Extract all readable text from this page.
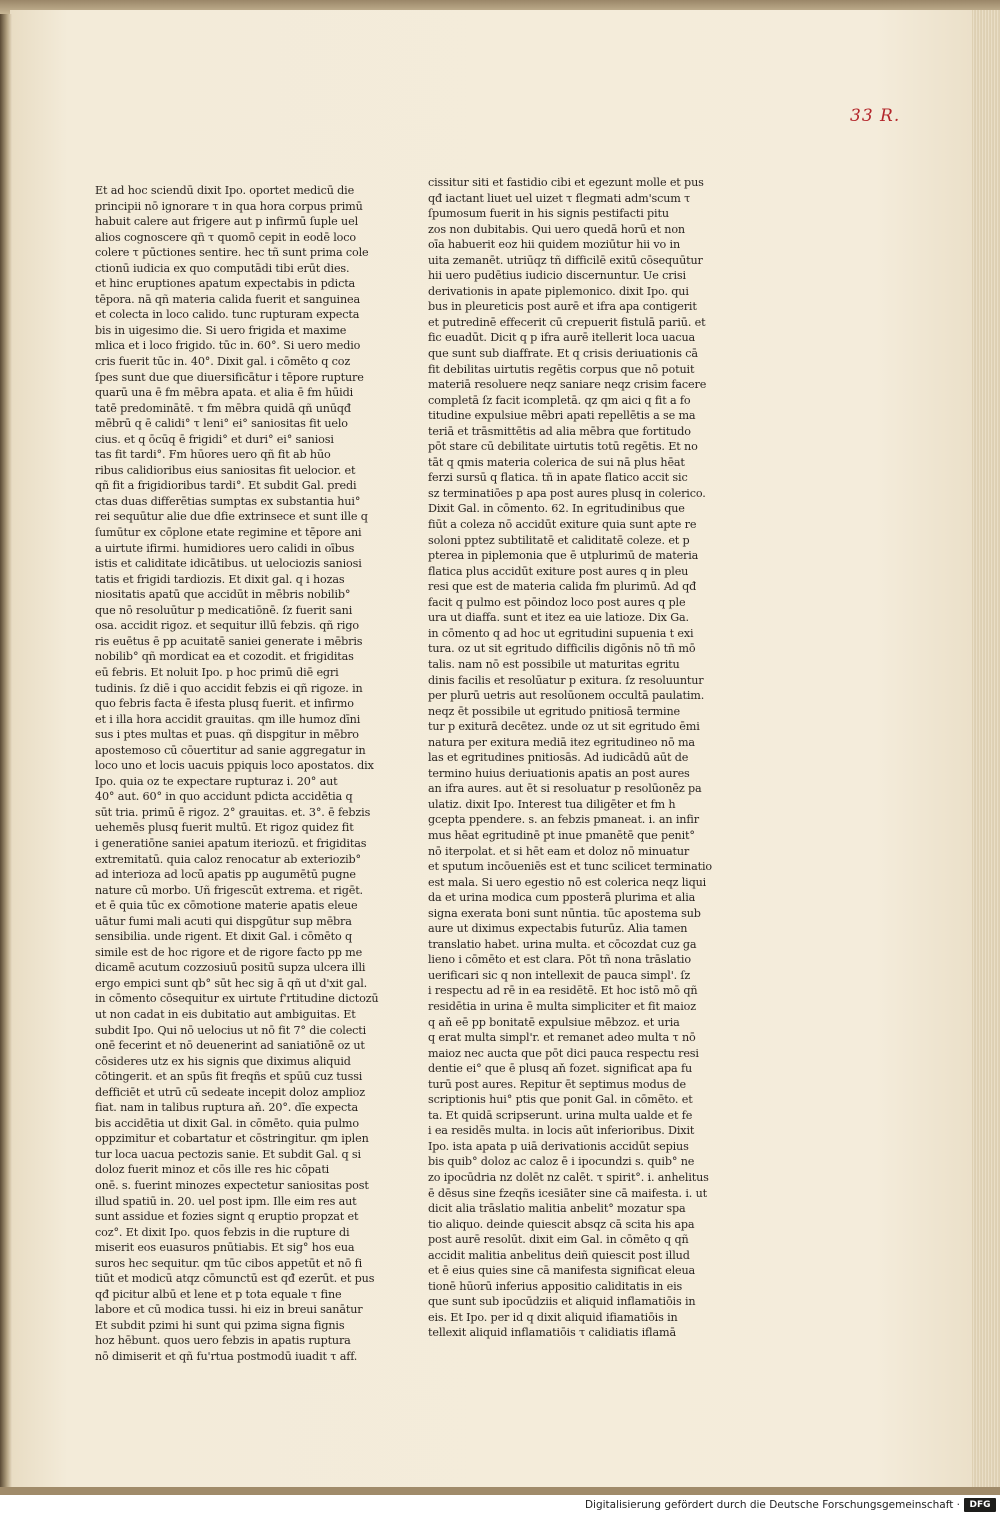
33 R.
Et ad hoc sciendū dixit Ipo. oportet medicū die
principii nō ignorare τ in qua hora corpus primū
habuit calere aut frigere aut p infirmū ſuple uel
alios cognoscere qñ τ quomō cepit in eodē loco
colere τ pūctiones sentire. hec tñ sunt prima cole
ctionū iudicia ex quo computādi tibi erūt dies.
et hinc eruptiones apatum expectabis in pdicta
tēpora. nā qñ materia calida fuerit et sanguinea
et colecta in loco calido. tunc rupturam expecta
bis in uigesimo die. Si uero frigida et maxime
mlica et i loco frigido. tūc in. 60°. Si uero medio
cris fuerit tūc in. 40°. Dixit gal. i cōmēto q coz
ſpes sunt due que diuersificātur i tēpore rupture
quarū una ē fm mēbra apata. et alia ē fm hūidi
tatē predominātē. τ fm mēbra quidā qñ unūqđ
mēbrū q ē calidi° τ leni° ei° saniositas fit uelo
cius. et q ōcūq ē frigidi° et duri° ei° saniosi
tas fit tardi°. Fm hūores uero qñ fit ab hūo
ribus calidioribus eius saniositas fit uelocior. et
qñ fit a frigidioribus tardi°. Et subdit Gal. predi
ctas duas differētias sumptas ex substantia hui°
rei sequūtur alie due dfie extrinsece et sunt ille q
ſumūtur ex cōplone etate regimine et tēpore ani
a uirtute ifirmi. humidiores uero calidi in oībus
istis et caliditate idicātibus. ut uelociozis saniosi
tatis et frigidi tardiozis. Et dixit gal. q i hozas
niositatis apatū que accidūt in mēbris nobilib°
que nō resoluūtur p medicatiōnē. ſz fuerit sani
osa. accidit rigoz. et sequitur illū febzis. qñ rigo
ris euētus ē pp acuitatē saniei generate i mēbris
nobilib° qñ mordicat ea et cozodit. et frigiditas
eū febris. Et noluit Ipo. p hoc primū diē egri
tudinis. ſz diē i quo accidit febzis ei qñ rigoze. in
quo febris facta ē ifesta plusq fuerit. et infirmo
et i illa hora accidit grauitas. qm ille humoz dīni
sus i ptes multas et puas. qñ dispgitur in mēbro
apostemoso cū cōuertitur ad sanie aggregatur in
loco uno et locis uacuis ppiquis loco apostatos. dix
Ipo. quia oz te expectare rupturaz i. 20° aut
40° aut. 60° in quo accidunt pdicta accidētia q
sūt tria. primū ē rigoz. 2° grauitas. et. 3°. ē febzis
uehemēs plusq fuerit multū. Et rigoz quidez fit
i generatiōne saniei apatum iteriozū. et frigiditas
extremitatū. quia caloz renocatur ab exteriozib°
ad interioza ad locū apatis pp augumētū pugne
nature cū morbo. Uñ frigescūt extrema. et rigēt.
et ē quia tūc ex cōmotione materie apatis eleue
uātur fumi mali acuti qui dispgūtur sup mēbra
sensibilia. unde rigent. Et dixit Gal. i cōmēto q
simile est de hoc rigore et de rigore facto pp me
dicamē acutum cozzosiuū positū supza ulcera illi
ergo empici sunt qb° sūt hec sig ā qñ ut d'xit gal.
in cōmento cōsequitur ex uirtute f'rtitudine dictozū
ut non cadat in eis dubitatio aut ambiguitas. Et
subdit Ipo. Qui nō uelocius ut nō fit 7° die colecti
onē fecerint et nō deuenerint ad saniatiōnē oz ut
cōsideres utz ex his signis que diximus aliquid
cōtingerit. et an spūs fit freqñs et spūū cuz tussi
defficiēt et utrū cū sedeate incepit doloz amplioz
fiat. nam in talibus ruptura aň. 20°. dīe expecta
bis accidētia ut dixit Gal. in cōmēto. quia pulmo
oppzimitur et cobartatur et cōstringitur. qm iplen
tur loca uacua pectozis sanie. Et subdit Gal. q si
doloz fuerit minoz et cōs ille res hic cōpati
onē. s. fuerint minozes expectetur saniositas post
illud spatiū in. 20. uel post ipm. Ille eim res aut
sunt assidue et fozies signt q eruptio propzat et
coz°. Et dixit Ipo. quos febzis in die rupture di
miserit eos euasuros pnūtiabis. Et sig° hos eua
suros hec sequitur. qm tūc cibos appetūt et nō fi
tiūt et modicū atqz cōmunctū est qđ ezerūt. et pus
qđ picitur albū et lene et p tota equale τ fine
labore et cū modica tussi. hi eiz in breui sanātur
Et subdit pzimi hi sunt qui pzima signa fignis
hoz hēbunt. quos uero febzis in apatis ruptura
nō dimiserit et qñ fu'rtua postmodū iuadit τ aff.
cissitur siti et fastidio cibi et egezunt molle et pus
qđ iactant liuet uel uizet τ flegmati adm'scum τ
ſpumosum fuerit in his signis pestifacti pitu
zos non dubitabis. Qui uero quedā horū et non
oīa habuerit eoz hii quidem moziūtur hii vo in
uita zemanēt. utriūqz tñ difficilē exitū cōsequūtur
hii uero pudētius iudicio discernuntur. Ue crisi
derivationis in apate piplemonico. dixit Ipo. qui
bus in pleureticis post aurē et ifra apa contigerit
et putredinē effecerit cū crepuerit fistulā pariū. et
fic euadūt. Dicit q p ifra aurē itellerit loca uacua
que sunt sub diaffrate. Et q crisis deriuationis cā
fit debilitas uirtutis regētis corpus que nō potuit
materiā resoluere neqz saniare neqz crisim facere
completā ſz facit icompletā. qz qm aici q fit a fo
titudine expulsiue mēbri apati repellētis a se ma
teriā et trāsmittētis ad alia mēbra que fortitudo
pōt stare cū debilitate uirtutis totū regētis. Et no
tāt q qmis materia colerica de sui nā plus hēat
ferzi sursū q flatica. tñ in apate flatico accit sic
sz terminatiōes p apa post aures plusq in colerico.
Dixit Gal. in cōmento. 62. In egritudinibus que
fiūt a coleza nō accidūt exiture quia sunt apte re
soloni pptez subtilitatē et caliditatē coleze. et p
pterea in piplemonia que ē utplurimū de materia
flatica plus accidūt exiture post aures q in pleu
resi que est de materia calida fm plurimū. Ad qđ
facit q pulmo est pōindoz loco post aures q ple
ura ut diaffa. sunt et itez ea uie latioze. Dix Ga.
in cōmento q ad hoc ut egritudini supuenia t exi
tura. oz ut sit egritudo difficilis digōnis nō tñ mō
talis. nam nō est possibile ut maturitas egritu
dinis facilis et resolūatur p exitura. ſz resoluuntur
per plurū uetris aut resolūonem occultā paulatim.
neqz ēt possibile ut egritudo pnitiosā termine
tur p exiturā decētez. unde oz ut sit egritudo ēmi
natura per exitura mediā itez egritudineo nō ma
las et egritudines pnitiosās. Ad iudicādū aūt de
termino huius deriuationis apatis an post aures
an ifra aures. aut ēt si resoluatur p resolūonēz pa
ulatiz. dixit Ipo. Interest tua diligēter et fm h
gcepta ppendere. s. an febzis pmaneat. i. an infir
mus hēat egritudinē pt inue pmanētē que penit°
nō iterpolat. et si hēt eam et doloz nō minuatur
et sputum incōueniēs est et tunc scilicet terminatio
est mala. Si uero egestio nō est colerica neqz liqui
da et urina modica cum pposterā plurima et alia
signa exerata boni sunt nūntia. tūc apostema sub
aure ut diximus expectabis futurūz. Alia tamen
translatio habet. urina multa. et cōcozdat cuz ga
lieno i cōmēto et est clara. Pōt tñ nona trāslatio
uerificari sic q non intellexit de pauca simpl'. ſz
i respectu ad rē in ea residētē. Et hoc istō mō qñ
residētia in urina ē multa simpliciter et fit maioz
q aň eē pp bonitatē expulsiue mēbzoz. et uria
q erat multa simpl'r. et remanet adeo multa τ nō
maioz nec aucta que pōt dici pauca respectu resi
dentie ei° que ē plusq aň fozet. significat apa fu
turū post aures. Repitur ēt septimus modus de
scriptionis hui° ptis que ponit Gal. in cōmēto. et
ta. Et quidā scripserunt. urina multa ualde et fe
i ea residēs multa. in locis aūt inferioribus. Dixit
Ipo. ista apata p uiā derivationis accidūt sepius
bis quib° doloz ac caloz ē i ipocundzi s. quib° ne
zo ipocūdria nz dolēt nz calēt. τ spirit°. i. anhelitus
ē dēsus sine fzeqñs icesiāter sine cā maifesta. i. ut
dicit alia trāslatio malitia anbelit° mozatur spa
tio aliquo. deinde quiescit absqz cā scita his apa
post aurē resolūt. dixit eim Gal. in cōmēto q qñ
accidit malitia anbelitus deiñ quiescit post illud
et ē eius quies sine cā manifesta significat eleua
tionē hūorū inferius appositio caliditatis in eis
que sunt sub ipocūdziis et aliquid inflamatiōis in
eis. Et Ipo. per id q dixit aliquid ifiamatiōis in
tellexit aliquid inflamatiōis τ calidiatis iflamā
Digitalisierung gefördert durch die Deutsche Forschungsgemeinschaft ·	DFG
